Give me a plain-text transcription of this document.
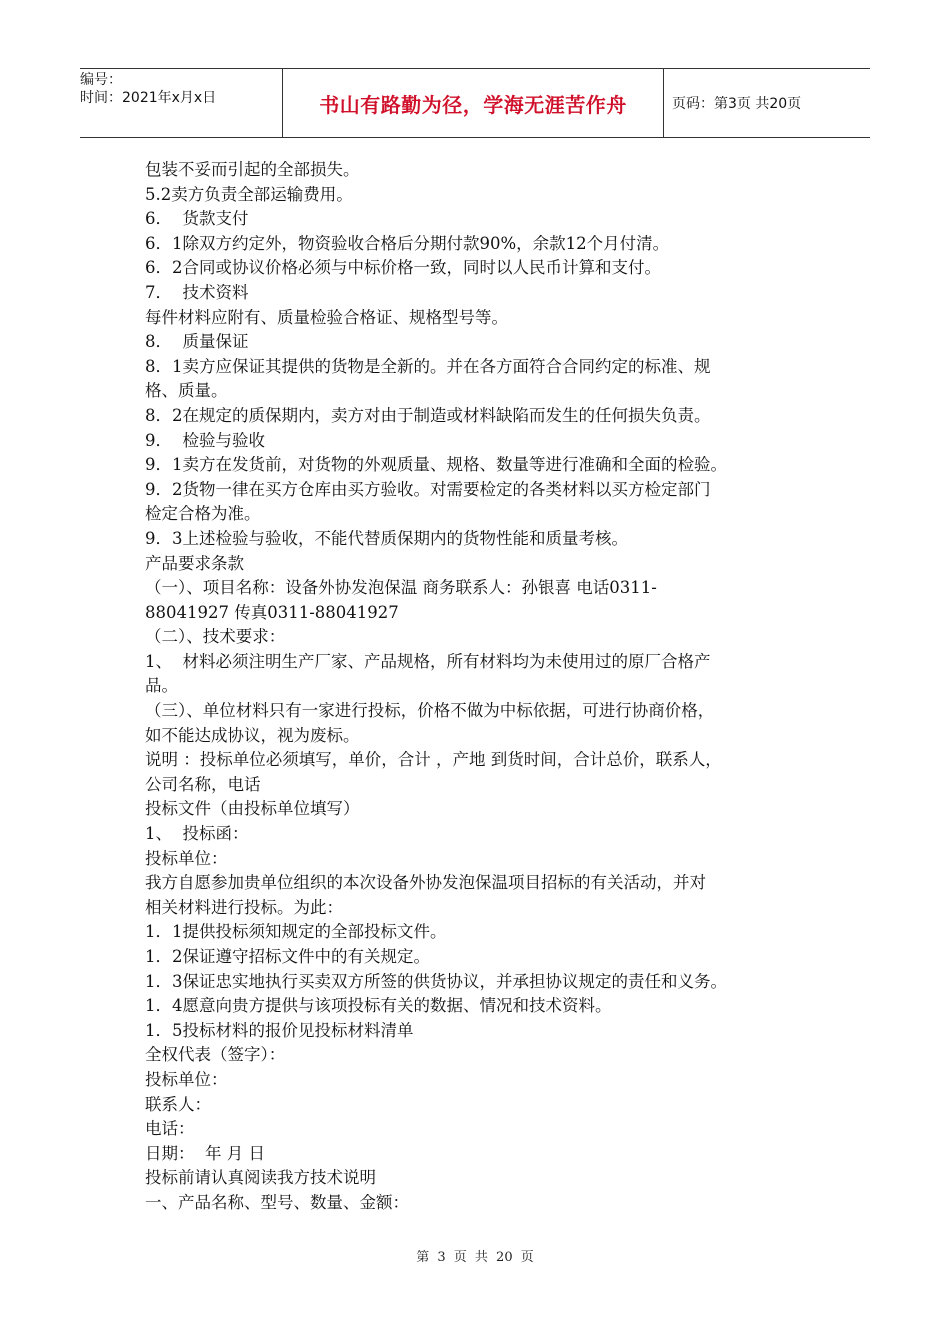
编号：
时间：2021年x月x日	书山有路勤为径，学海无涯苦作舟	页码：第3页 共20页

包装不妥而引起的全部损失。

5.2卖方负责全部运输费用。

6．  货款支付

6．1除双方约定外，物资验收合格后分期付款90%，余款12个月付清。

6．2合同或协议价格必须与中标价格一致，同时以人民币计算和支付。

7．  技术资料

每件材料应附有、质量检验合格证、规格型号等。

8．  质量保证

8．1卖方应保证其提供的货物是全新的。并在各方面符合合同约定的标准、规

格、质量。

8．2在规定的质保期内，卖方对由于制造或材料缺陷而发生的任何损失负责。

9．  检验与验收

9．1卖方在发货前，对货物的外观质量、规格、数量等进行准确和全面的检验。

9．2货物一律在买方仓库由买方验收。对需要检定的各类材料以买方检定部门

检定合格为准。

9．3上述检验与验收，不能代替质保期内的货物性能和质量考核。

产品要求条款

（一）、项目名称：设备外协发泡保温 商务联系人：孙银喜 电话0311-

88041927 传真0311-88041927

（二）、技术要求：

1、  材料必须注明生产厂家、产品规格，所有材料均为未使用过的原厂合格产

品。

（三）、单位材料只有一家进行投标，价格不做为中标依据，可进行协商价格，

如不能达成协议，视为废标。

说明 ：投标单位必须填写，单价，合计 ，产地 到货时间，合计总价，联系人，

公司名称，电话

投标文件（由投标单位填写）

1、  投标函：

投标单位：

我方自愿参加贵单位组织的本次设备外协发泡保温项目招标的有关活动，并对

相关材料进行投标。为此：

1．1提供投标须知规定的全部投标文件。

1．2保证遵守招标文件中的有关规定。

1．3保证忠实地执行买卖双方所签的供货协议，并承担协议规定的责任和义务。

1．4愿意向贵方提供与该项投标有关的数据、情况和技术资料。

1．5投标材料的报价见投标材料清单

全权代表（签字）：

投标单位：

联系人：

电话：

日期：  年 月 日

投标前请认真阅读我方技术说明

一、产品名称、型号、数量、金额：

第 3 页 共 20 页
